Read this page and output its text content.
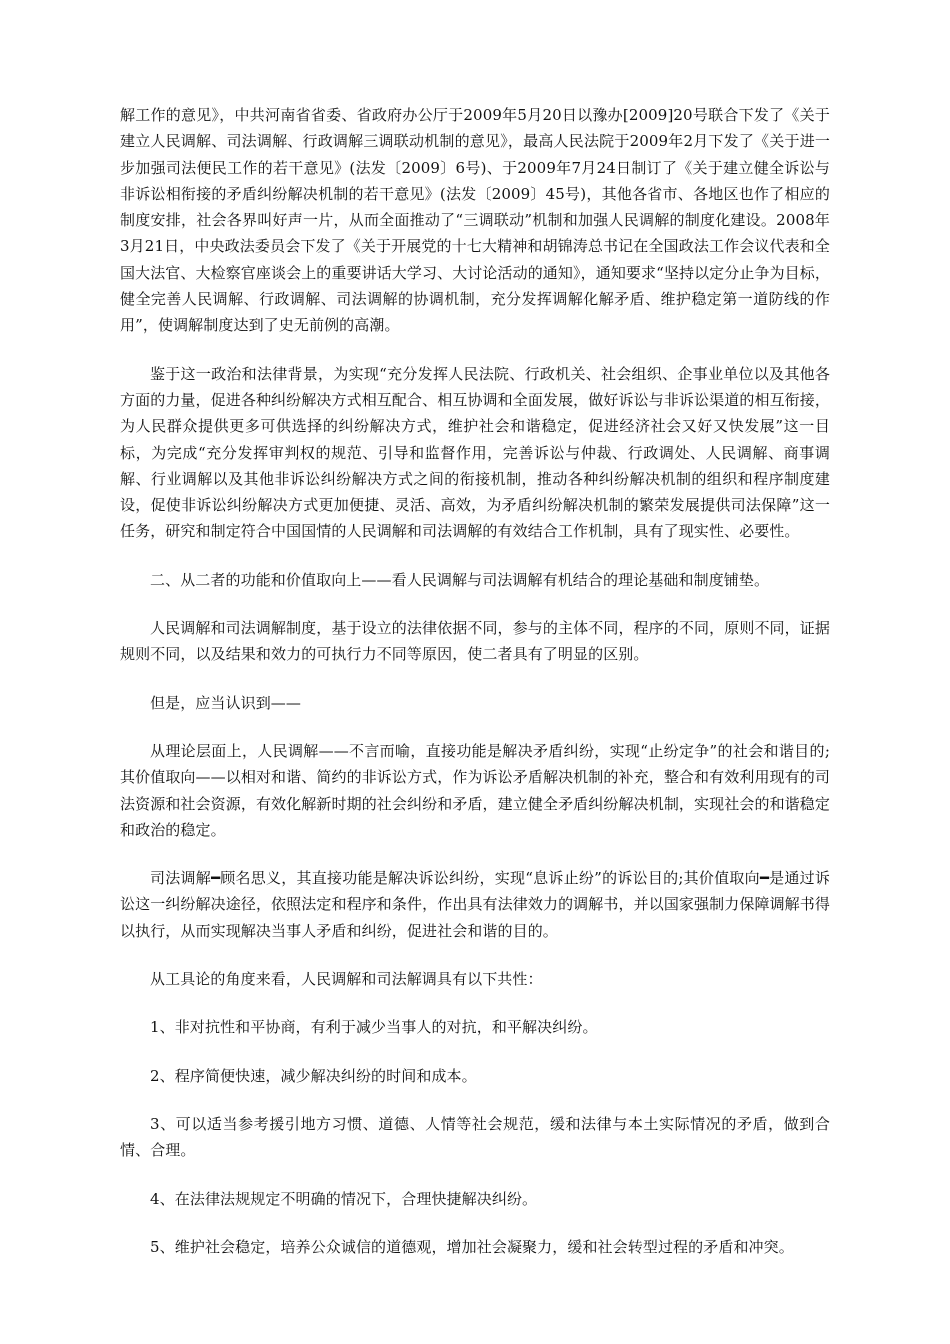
解工作的意见》，中共河南省省委、省政府办公厅于2009年5月20日以豫办[2009]20号联合下发了《关于建立人民调解、司法调解、行政调解三调联动机制的意见》，最高人民法院于2009年2月下发了《关于进一步加强司法便民工作的若干意见》(法发〔2009〕6号)、于2009年7月24日制订了《关于建立健全诉讼与非诉讼相衔接的矛盾纠纷解决机制的若干意见》(法发〔2009〕45号)，其他各省市、各地区也作了相应的制度安排，社会各界叫好声一片，从而全面推动了“三调联动”机制和加强人民调解的制度化建设。2008年3月21日，中央政法委员会下发了《关于开展党的十七大精神和胡锦涛总书记在全国政法工作会议代表和全国大法官、大检察官座谈会上的重要讲话大学习、大讨论活动的通知》，通知要求“坚持以定分止争为目标，健全完善人民调解、行政调解、司法调解的协调机制，充分发挥调解化解矛盾、维护稳定第一道防线的作用”，使调解制度达到了史无前例的高潮。

鉴于这一政治和法律背景，为实现“充分发挥人民法院、行政机关、社会组织、企事业单位以及其他各方面的力量，促进各种纠纷解决方式相互配合、相互协调和全面发展，做好诉讼与非诉讼渠道的相互衔接，为人民群众提供更多可供选择的纠纷解决方式，维护社会和谐稳定，促进经济社会又好又快发展”这一目标，为完成“充分发挥审判权的规范、引导和监督作用，完善诉讼与仲裁、行政调处、人民调解、商事调解、行业调解以及其他非诉讼纠纷解决方式之间的衔接机制，推动各种纠纷解决机制的组织和程序制度建设，促使非诉讼纠纷解决方式更加便捷、灵活、高效，为矛盾纠纷解决机制的繁荣发展提供司法保障”这一任务，研究和制定符合中国国情的人民调解和司法调解的有效结合工作机制，具有了现实性、必要性。

二、从二者的功能和价值取向上——看人民调解与司法调解有机结合的理论基础和制度铺垫。

人民调解和司法调解制度，基于设立的法律依据不同，参与的主体不同，程序的不同，原则不同，证据规则不同，以及结果和效力的可执行力不同等原因，使二者具有了明显的区别。

但是，应当认识到——

从理论层面上，人民调解——不言而喻，直接功能是解决矛盾纠纷，实现“止纷定争”的社会和谐目的;其价值取向——以相对和谐、简约的非诉讼方式，作为诉讼矛盾解决机制的补充，整合和有效利用现有的司法资源和社会资源，有效化解新时期的社会纠纷和矛盾，建立健全矛盾纠纷解决机制，实现社会的和谐稳定和政治的稳定。

司法调解━顾名思义，其直接功能是解决诉讼纠纷，实现“息诉止纷”的诉讼目的;其价值取向━是通过诉讼这一纠纷解决途径，依照法定和程序和条件，作出具有法律效力的调解书，并以国家强制力保障调解书得以执行，从而实现解决当事人矛盾和纠纷，促进社会和谐的目的。

从工具论的角度来看，人民调解和司法解调具有以下共性：

1、非对抗性和平协商，有利于减少当事人的对抗，和平解决纠纷。

2、程序简便快速，减少解决纠纷的时间和成本。

3、可以适当参考援引地方习惯、道德、人情等社会规范，缓和法律与本土实际情况的矛盾，做到合情、合理。

4、在法律法规规定不明确的情况下，合理快捷解决纠纷。

5、维护社会稳定，培养公众诚信的道德观，增加社会凝聚力，缓和社会转型过程的矛盾和冲突。
